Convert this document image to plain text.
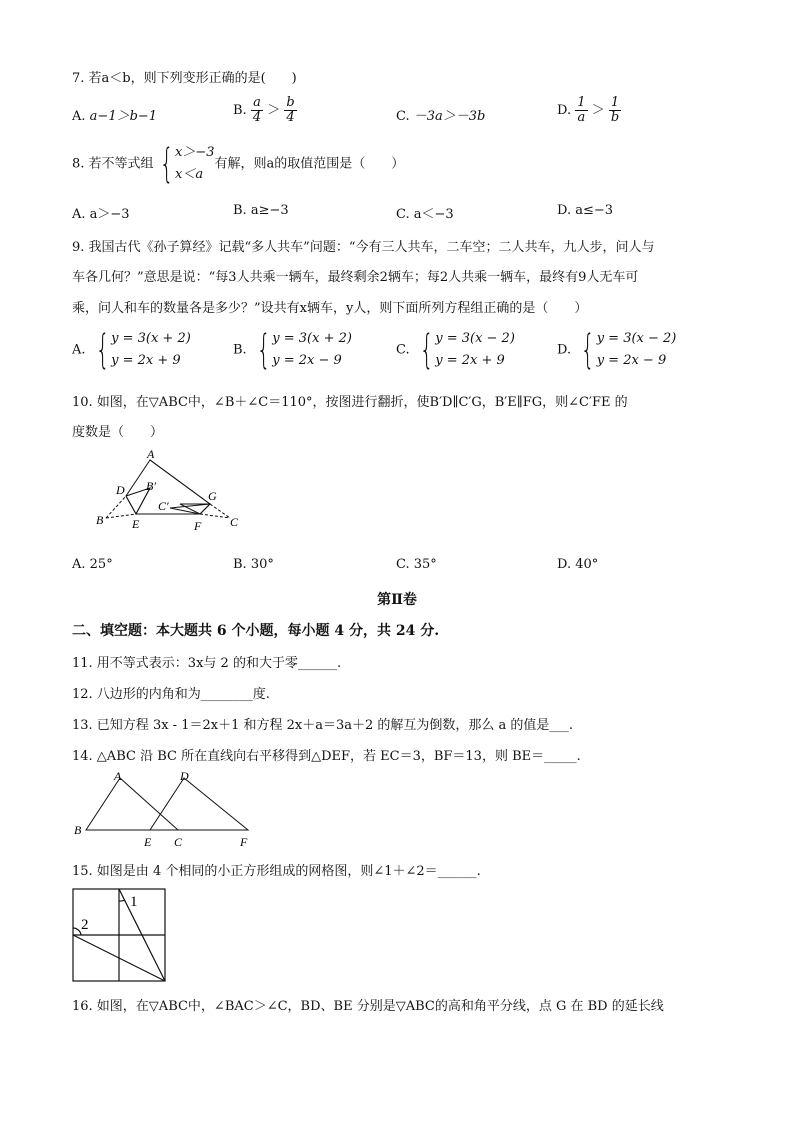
7. 若a＜b，则下列变形正确的是(　　)
A. a−1＞b−1	B. $\frac{a}{4} > \frac{b}{4}$	C. －3a＞－3b	D. $\frac{1}{a} > \frac{1}{b}$
8. 若不等式组 { x＞−3
x＜a
有解，则a的取值范围是（　　）
A. a＞−3	B. a≥−3	C. a＜−3	D. a≤−3
9. 我国古代《孙子算经》记载“多人共车”问题：“今有三人共车，二车空；二人共车，九人步，问人与
车各几何？”意思是说：“每3人共乘一辆车，最终剩余2辆车；每2人共乘一辆车，最终有9人无车可
乘，问人和车的数量各是多少？”设共有x辆车，y人，则下面所列方程组正确的是（　　）
A. { y = 3(x + 2)
y = 2x + 9
B. { y = 3(x + 2)
y = 2x − 9
C. { y = 3(x − 2)
y = 2x + 9
D. { y = 3(x − 2)
y = 2x − 9
10. 如图，在▽ABC中，∠B＋∠C＝110°，按图进行翻折，使B′D∥C′G，B′E∥FG，则∠C′FE 的
度数是（　　）
A
D B′
C′
G
B E	F C
A. 25°	B. 30°	C. 35°	D. 40°
第Ⅱ卷
二、填空题：本大题共 6 个小题，每小题 4 分，共 24 分.
11. 用不等式表示：3x与 2 的和大于零______.
12. 八边形的内角和为________度.
13. 已知方程 3x - 1＝2x＋1 和方程 2x＋a＝3a＋2 的解互为倒数，那么 a 的值是___.
14. △ABC 沿 BC 所在直线向右平移得到△DEF，若 EC＝3，BF＝13，则 BE＝_____.
A	D
B
E C	F
15. 如图是由 4 个相同的小正方形组成的网格图，则∠1＋∠2＝______.
1
2
16. 如图，在▽ABC中，∠BAC＞∠C，BD、BE 分别是▽ABC的高和角平分线，点 G 在 BD 的延长线
